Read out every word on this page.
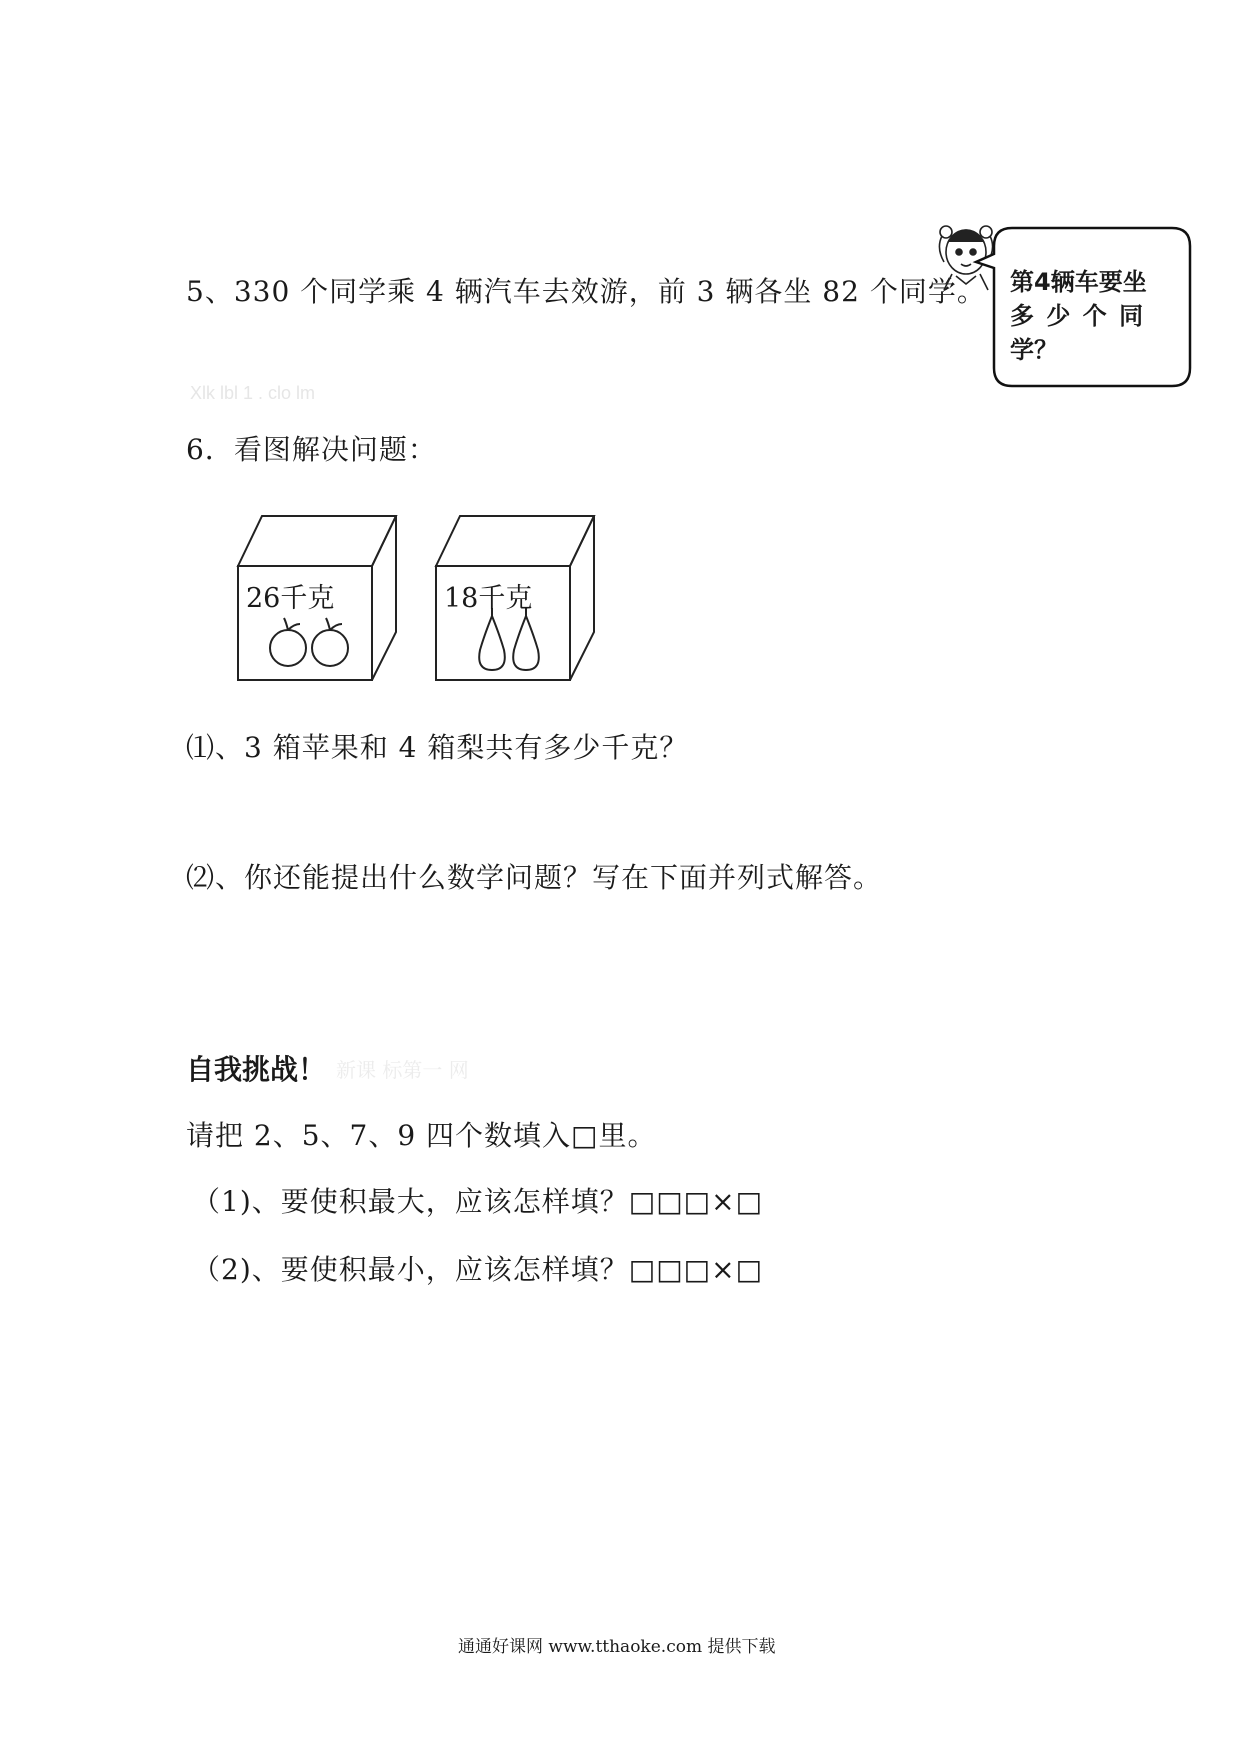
5、330 个同学乘 4 辆汽车去效游，前 3 辆各坐 82 个同学。 第4辆车要坐
多 少 个 同
学？
Xlk lbl 1 . clo lm
6．看图解决问题：
26千克	18千克
⑴、3 箱苹果和 4 箱梨共有多少千克？
⑵、你还能提出什么数学问题？写在下面并列式解答。
自我挑战！ 新课 标第一 网
请把 2、5、7、9 四个数填入□里。
（1)、要使积最大，应该怎样填？□□□×□
（2)、要使积最小，应该怎样填？□□□×□
通通好课网 www.tthaoke.com 提供下载
